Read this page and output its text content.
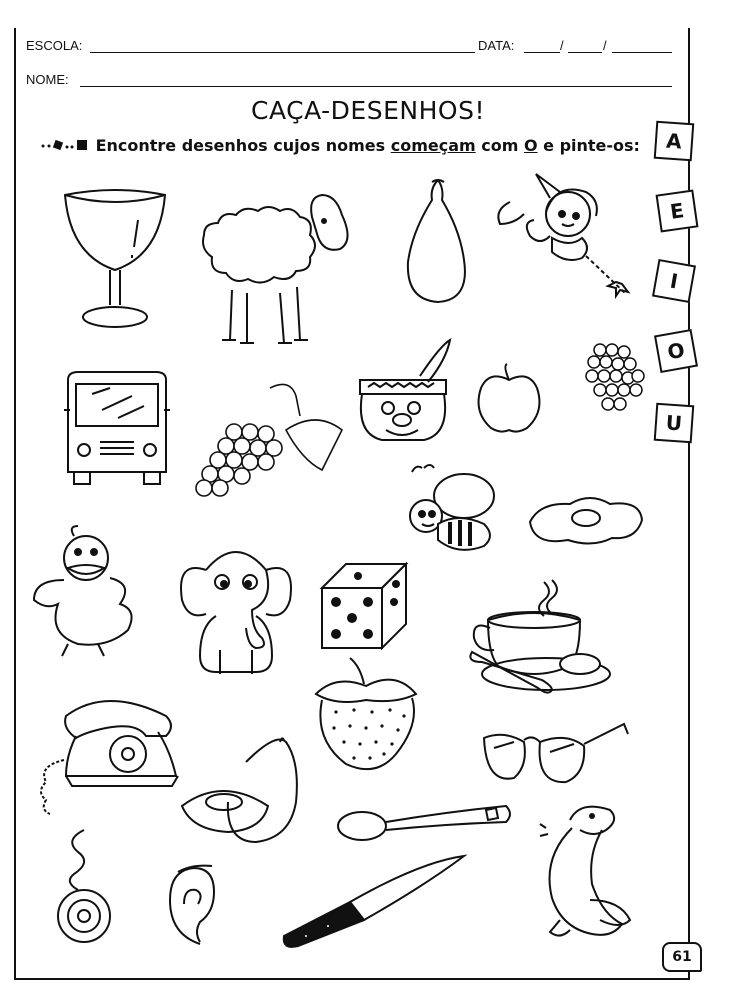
ESCOLA:	DATA:	/	/
NOME:
CAÇA-DESENHOS!
Encontre desenhos cujos nomes começam com O e pinte-os:	A
E
I
O
U
61
